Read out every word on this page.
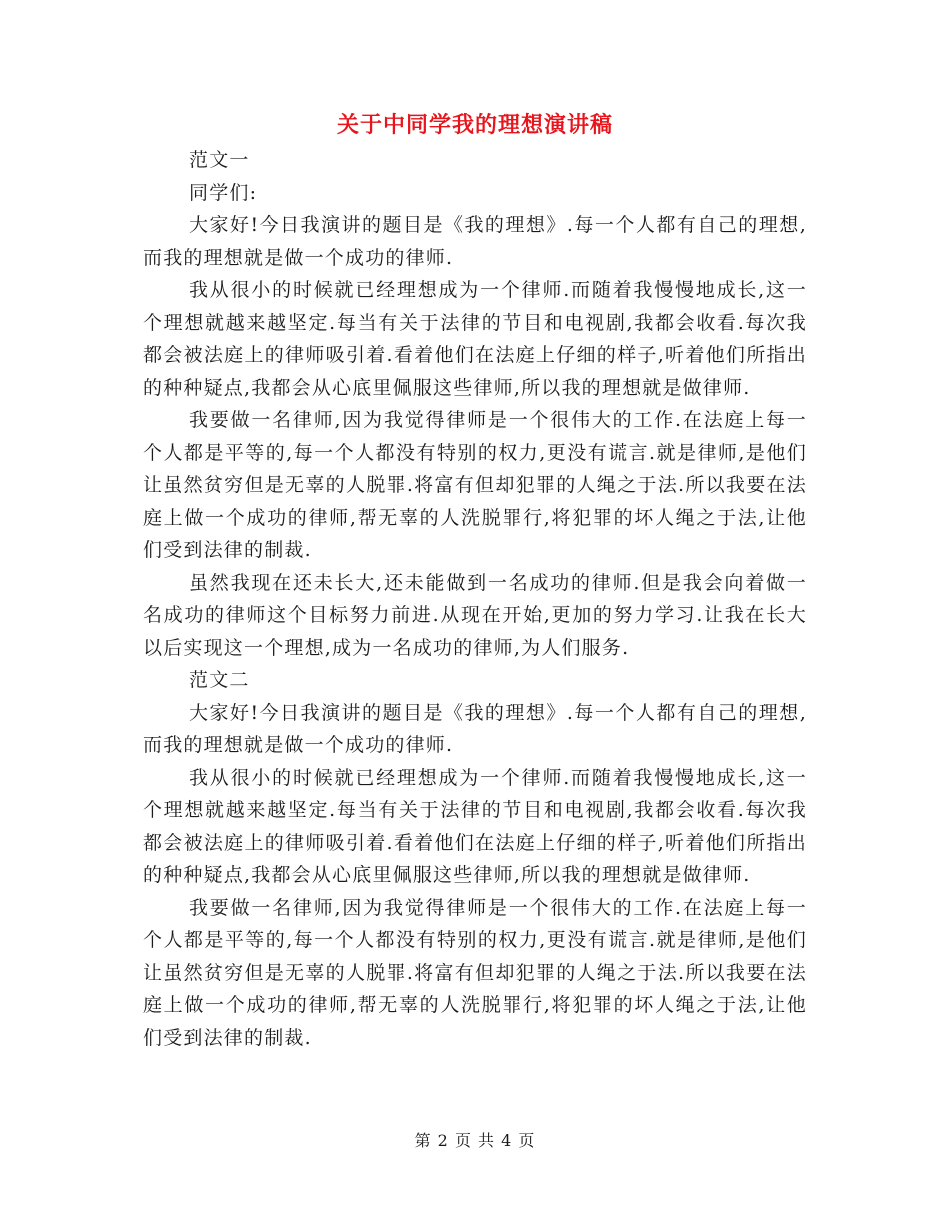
关于中同学我的理想演讲稿

范文一

同学们:

大家好!今日我演讲的题目是《我的理想》.每一个人都有自己的理想,而我的理想就是做一个成功的律师.

我从很小的时候就已经理想成为一个律师.而随着我慢慢地成长,这一个理想就越来越坚定.每当有关于法律的节目和电视剧,我都会收看.每次我都会被法庭上的律师吸引着.看着他们在法庭上仔细的样子,听着他们所指出的种种疑点,我都会从心底里佩服这些律师,所以我的理想就是做律师.

我要做一名律师,因为我觉得律师是一个很伟大的工作.在法庭上每一个人都是平等的,每一个人都没有特别的权力,更没有谎言.就是律师,是他们让虽然贫穷但是无辜的人脱罪.将富有但却犯罪的人绳之于法.所以我要在法庭上做一个成功的律师,帮无辜的人洗脱罪行,将犯罪的坏人绳之于法,让他们受到法律的制裁.

虽然我现在还未长大,还未能做到一名成功的律师.但是我会向着做一名成功的律师这个目标努力前进.从现在开始,更加的努力学习.让我在长大以后实现这一个理想,成为一名成功的律师,为人们服务.

范文二

大家好!今日我演讲的题目是《我的理想》.每一个人都有自己的理想,而我的理想就是做一个成功的律师.

我从很小的时候就已经理想成为一个律师.而随着我慢慢地成长,这一个理想就越来越坚定.每当有关于法律的节目和电视剧,我都会收看.每次我都会被法庭上的律师吸引着.看着他们在法庭上仔细的样子,听着他们所指出的种种疑点,我都会从心底里佩服这些律师,所以我的理想就是做律师.

我要做一名律师,因为我觉得律师是一个很伟大的工作.在法庭上每一个人都是平等的,每一个人都没有特别的权力,更没有谎言.就是律师,是他们让虽然贫穷但是无辜的人脱罪.将富有但却犯罪的人绳之于法.所以我要在法庭上做一个成功的律师,帮无辜的人洗脱罪行,将犯罪的坏人绳之于法,让他们受到法律的制裁.

第 2 页 共 4 页
